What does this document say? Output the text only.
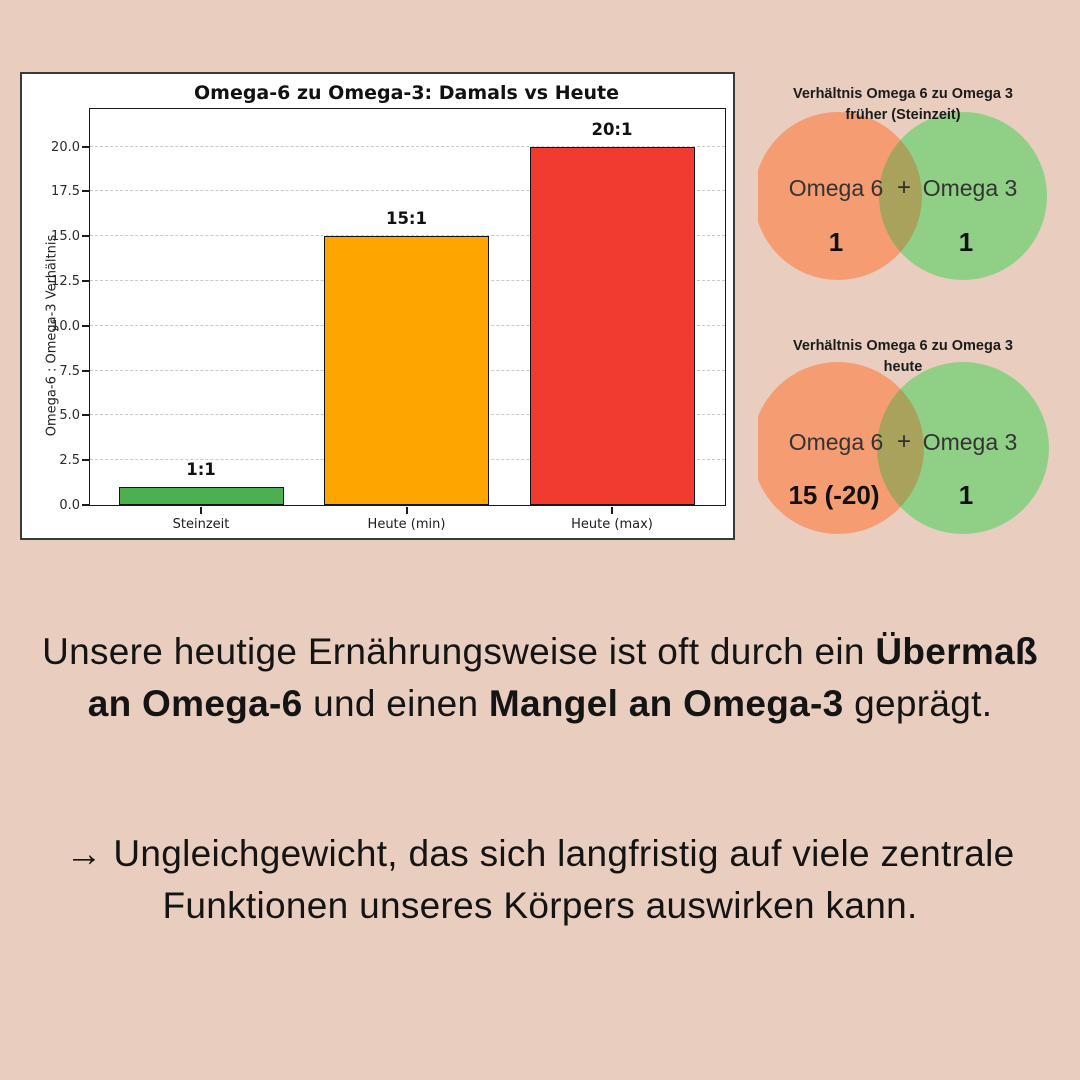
Omega-6 zu Omega-3: Damals vs Heute
Omega-6 : Omega-3 Verhältnis
0.0
2.5
5.0
7.5
10.0
12.5
15.0
17.5
20.0
1:1
Steinzeit
15:1
Heute (min)
20:1
Heute (max)
Verhältnis Omega 6 zu Omega 3
früher (Steinzeit)
Omega 6 + Omega 3
1	1
Verhältnis Omega 6 zu Omega 3
heute
Omega 6 + Omega 3
15 (-20)	1
Unsere heutige Ernährungsweise ist oft durch ein Übermaß an Omega-6 und einen Mangel an Omega-3 geprägt.
→ Ungleichgewicht, das sich langfristig auf viele zentrale Funktionen unseres Körpers auswirken kann.
